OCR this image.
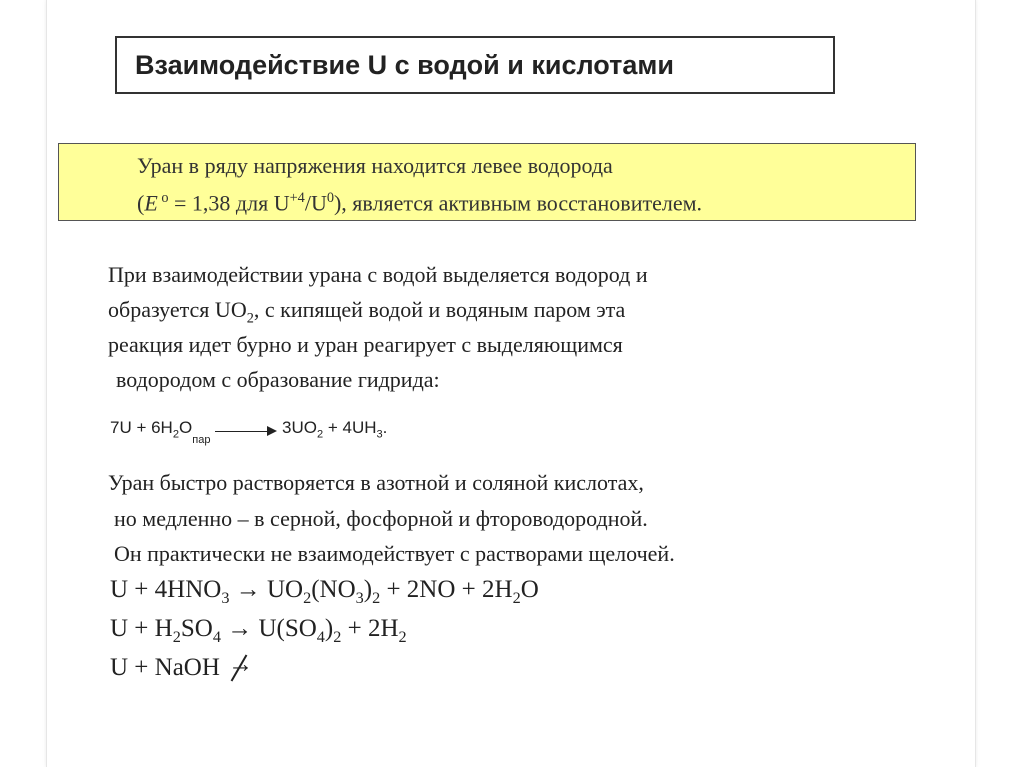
Взаимодействие U с водой и кислотами
Уран в ряду напряжения находится левее водорода
(E $^o$ = 1,38 для $U^{+4}/U^0$), является активным восстановителем.
При взаимодействии урана с водой выделяется водород и
образуется $UO_2$, с кипящей водой и водяным паром эта
реакция идет бурно и уран реагирует с выделяющимся
водородом с образование гидрида:
$7U + 6H_2O_{пар}$  $3UO_2 + 4UH_3$.
Уран быстро растворяется в азотной и соляной кислотах,
но медленно – в серной, фосфорной и фтороводородной.
Он практически не взаимодействует с растворами щелочей.
$U + 4HNO_3 \to UO_2(NO_3)_2 + 2NO + 2H_2O$
$U + H_2SO_4 \to U(SO_4)_2 + 2H_2$
U + NaOH →
